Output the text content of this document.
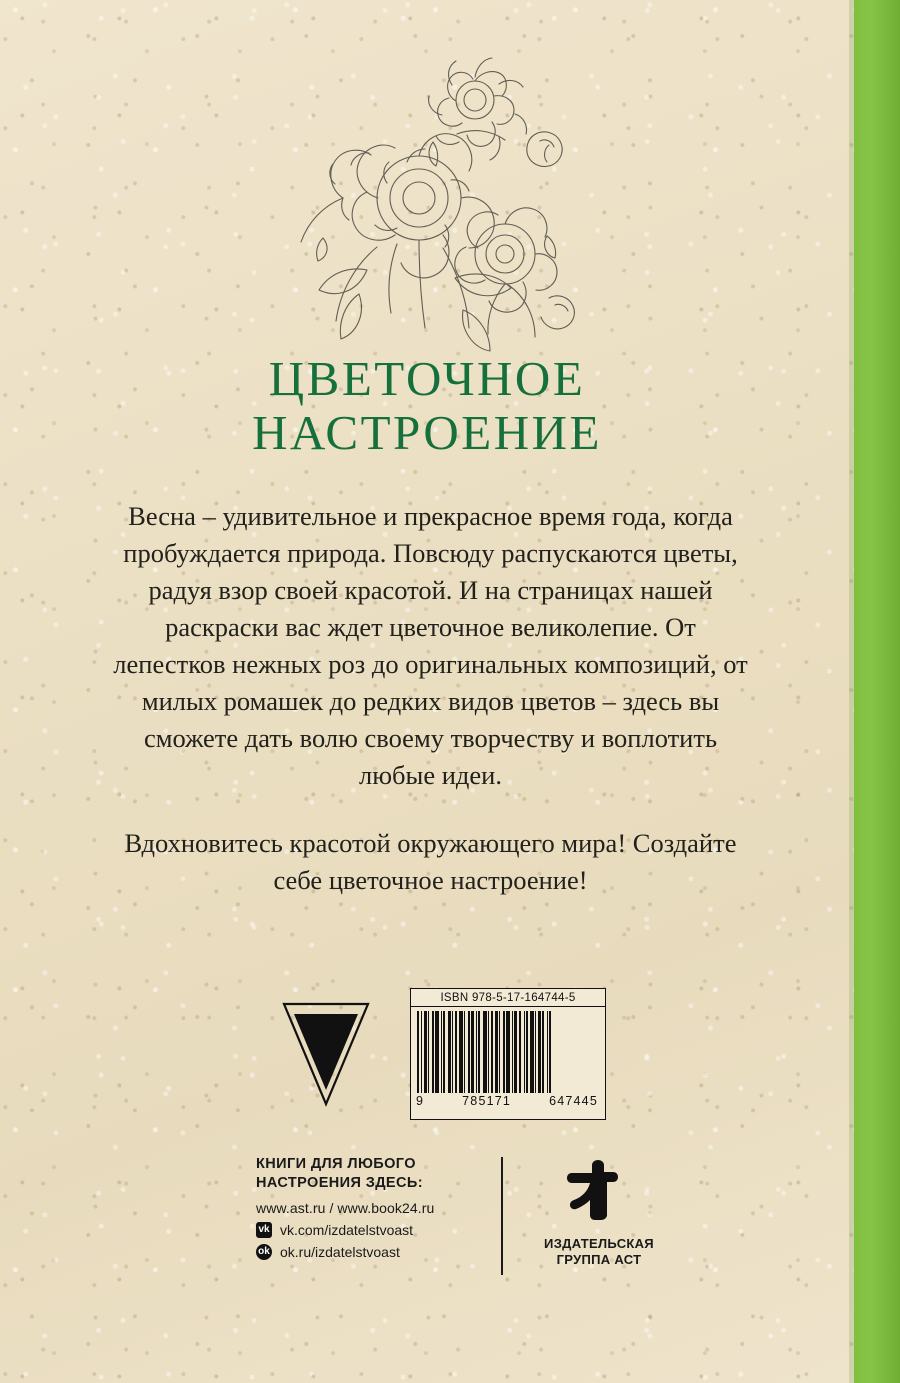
ЦВЕТОЧНОЕ
НАСТРОЕНИЕ

Весна – удивительное и прекрасное время года, когда пробуждается природа. Повсюду распускаются цветы, радуя взор своей красотой. И на страницах нашей раскраски вас ждет цветочное великолепие. От лепестков нежных роз до оригинальных композиций, от милых ромашек до редких видов цветов – здесь вы сможете дать волю своему творчеству и воплотить любые идеи.

Вдохновитесь красотой окружающего мира! Создайте себе цветочное настроение!

ISBN 978-5-17-164744-5
9	785171	647445
КНИГИ ДЛЯ ЛЮБОГО
НАСТРОЕНИЯ ЗДЕСЬ:
www.ast.ru / www.book24.ru
vk vk.com/izdatelstvoast
ok ok.ru/izdatelstvoast
ИЗДАТЕЛЬСКАЯ
ГРУППА АСТ
